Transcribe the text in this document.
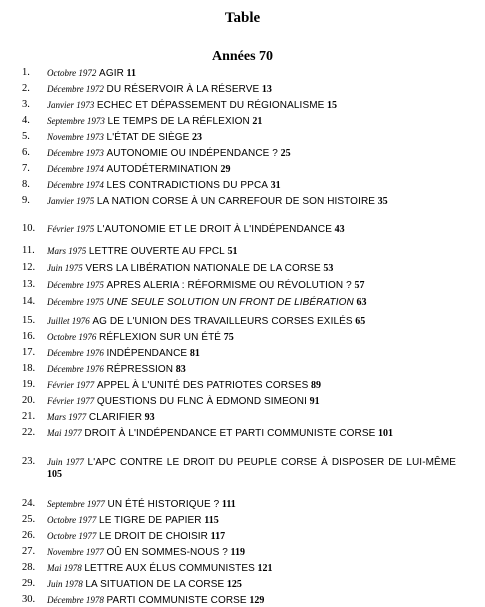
Table
Années 70
1.	Octobre 1972 AGIR 11
2.	Décembre 1972 DU RÉSERVOIR À LA RÉSERVE 13
3.	Janvier 1973 ECHEC ET DÉPASSEMENT DU RÉGIONALISME 15
4.	Septembre 1973 LE TEMPS DE LA RÉFLEXION 21
5.	Novembre 1973 L'ÉTAT DE SIÈGE 23
6.	Décembre 1973 AUTONOMIE OU INDÉPENDANCE ? 25
7.	Décembre 1974 AUTODÉTERMINATION 29
8.	Décembre 1974 LES CONTRADICTIONS DU PPCA 31
9.	Janvier 1975 LA NATION CORSE À UN CARREFOUR DE SON HISTOIRE 35
10.	Février 1975 L'AUTONOMIE ET LE DROIT À L'INDÉPENDANCE 43
11.	Mars 1975 LETTRE OUVERTE AU FPCL 51
12.	Juin 1975 VERS LA LIBÉRATION NATIONALE DE LA CORSE 53
13.	Décembre 1975 APRES ALERIA : RÉFORMISME OU RÉVOLUTION ? 57
14.	Décembre 1975 UNE SEULE SOLUTION UN FRONT DE LIBÉRATION 63
15.	Juillet 1976 AG DE L'UNION DES TRAVAILLEURS CORSES EXILÉS 65
16.	Octobre 1976 RÉFLEXION SUR UN ÉTÉ 75
17.	Décembre 1976 INDÉPENDANCE 81
18.	Décembre 1976 RÉPRESSION 83
19.	Février 1977 APPEL À L'UNITÉ DES PATRIOTES CORSES 89
20.	Février 1977 QUESTIONS DU FLNC À EDMOND SIMEONI 91
21.	Mars 1977 CLARIFIER 93
22.	Mai 1977 DROIT À L'INDÉPENDANCE ET PARTI COMMUNISTE CORSE 101
23.	Juin 1977 L'APC CONTRE LE DROIT DU PEUPLE CORSE À DISPOSER DE LUI-MÊME 105
24.	Septembre 1977 UN ÉTÉ HISTORIQUE ? 111
25.	Octobre 1977 LE TIGRE DE PAPIER 115
26.	Octobre 1977 LE DROIT DE CHOISIR 117
27.	Novembre 1977 OÛ EN SOMMES-NOUS ? 119
28.	Mai 1978 LETTRE AUX ÉLUS COMMUNISTES 121
29.	Juin 1978 LA SITUATION DE LA CORSE 125
30.	Décembre 1978 PARTI COMMUNISTE CORSE 129
